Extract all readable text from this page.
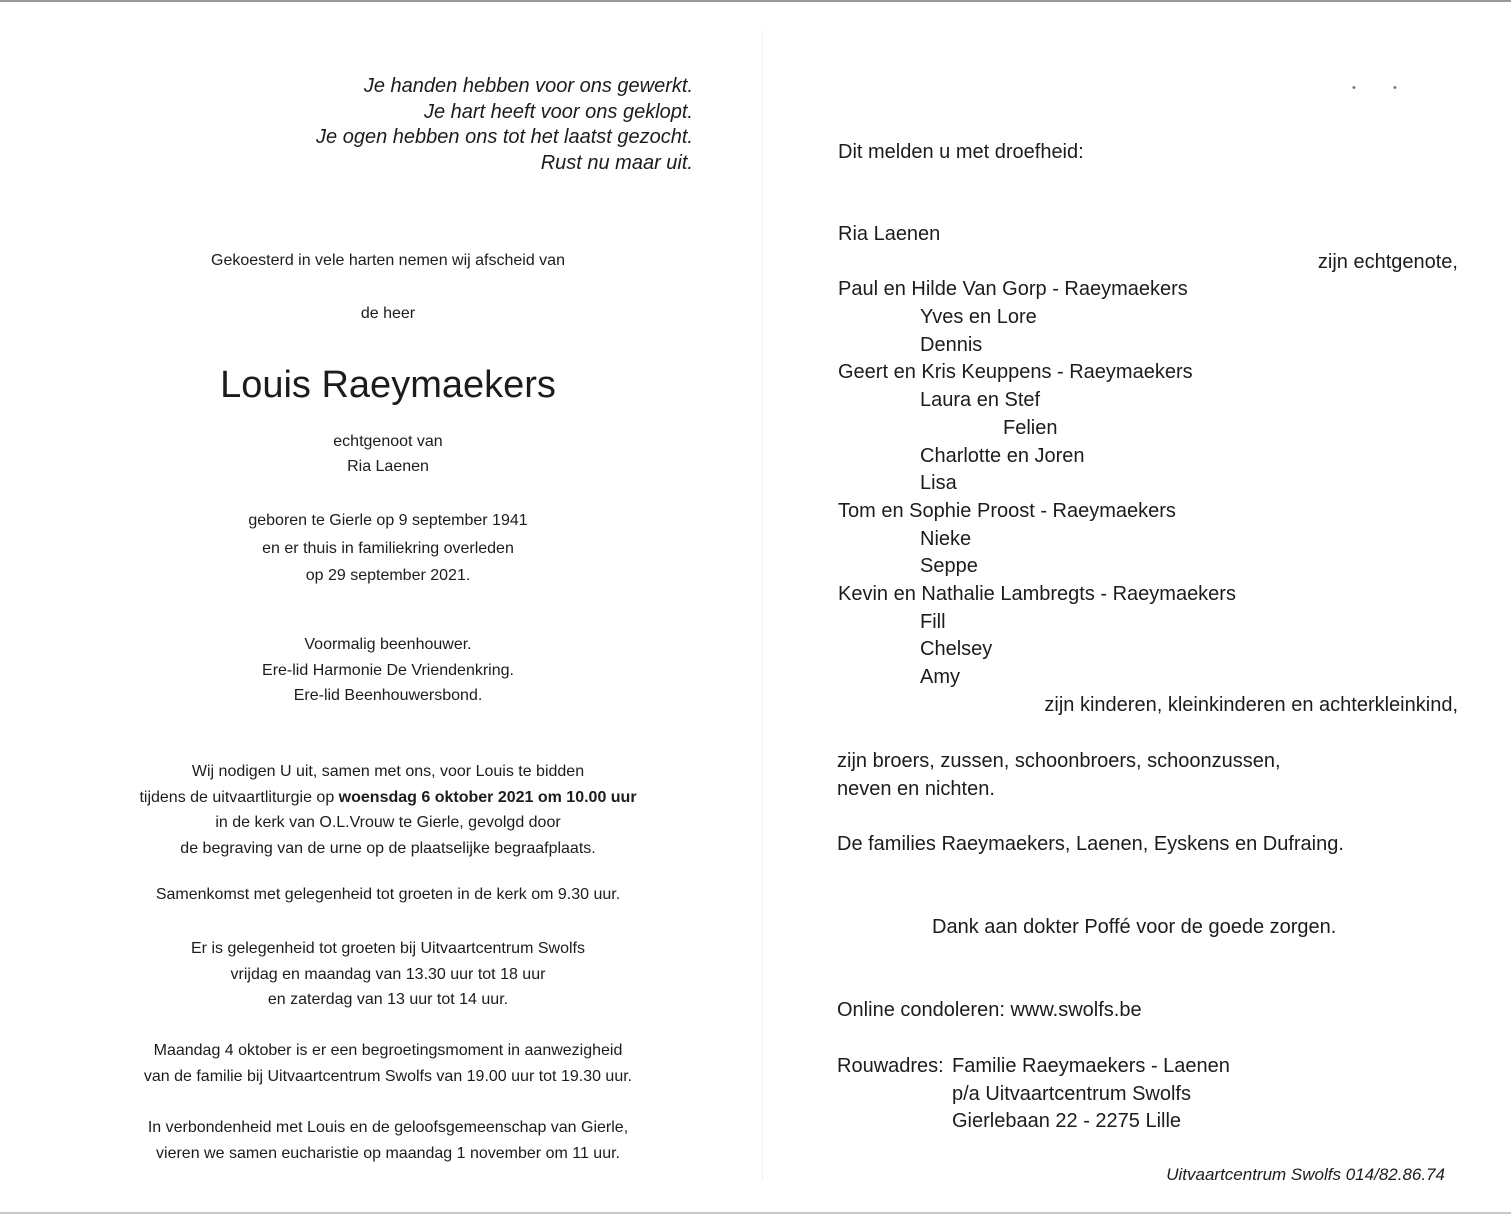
Je handen hebben voor ons gewerkt.
Je hart heeft voor ons geklopt.
Je ogen hebben ons tot het laatst gezocht.
Rust nu maar uit.
Gekoesterd in vele harten nemen wij afscheid van
de heer
Louis Raeymaekers
echtgenoot van
Ria Laenen
geboren te Gierle op 9 september 1941
en er thuis in familiekring overleden
op 29 september 2021.
Voormalig beenhouwer.
Ere-lid Harmonie De Vriendenkring.
Ere-lid Beenhouwersbond.
Wij nodigen U uit, samen met ons, voor Louis te bidden
tijdens de uitvaartliturgie op woensdag 6 oktober 2021 om 10.00 uur
in de kerk van O.L.Vrouw te Gierle, gevolgd door
de begraving van de urne op de plaatselijke begraafplaats.
Samenkomst met gelegenheid tot groeten in de kerk om 9.30 uur.
Er is gelegenheid tot groeten bij Uitvaartcentrum Swolfs
vrijdag en maandag van 13.30 uur tot 18 uur
en zaterdag van 13 uur tot 14 uur.
Maandag 4 oktober is er een begroetingsmoment in aanwezigheid
van de familie bij Uitvaartcentrum Swolfs van 19.00 uur tot 19.30 uur.
In verbondenheid met Louis en de geloofsgemeenschap van Gierle,
vieren we samen eucharistie op maandag 1 november om 11 uur.
•	•
Dit melden u met droefheid:
Ria Laenen
zijn echtgenote,
Paul en Hilde Van Gorp - Raeymaekers
Yves en Lore
Dennis
Geert en Kris Keuppens - Raeymaekers
Laura en Stef
Felien
Charlotte en Joren
Lisa
Tom en Sophie Proost - Raeymaekers
Nieke
Seppe
Kevin en Nathalie Lambregts - Raeymaekers
Fill
Chelsey
Amy
zijn kinderen, kleinkinderen en achterkleinkind,
zijn broers, zussen, schoonbroers, schoonzussen,
neven en nichten.
De families Raeymaekers, Laenen, Eyskens en Dufraing.
Dank aan dokter Poffé voor de goede zorgen.
Online condoleren: www.swolfs.be
Rouwadres: Familie Raeymaekers - Laenen
p/a Uitvaartcentrum Swolfs
Gierlebaan 22 - 2275 Lille
Uitvaartcentrum Swolfs 014/82.86.74
